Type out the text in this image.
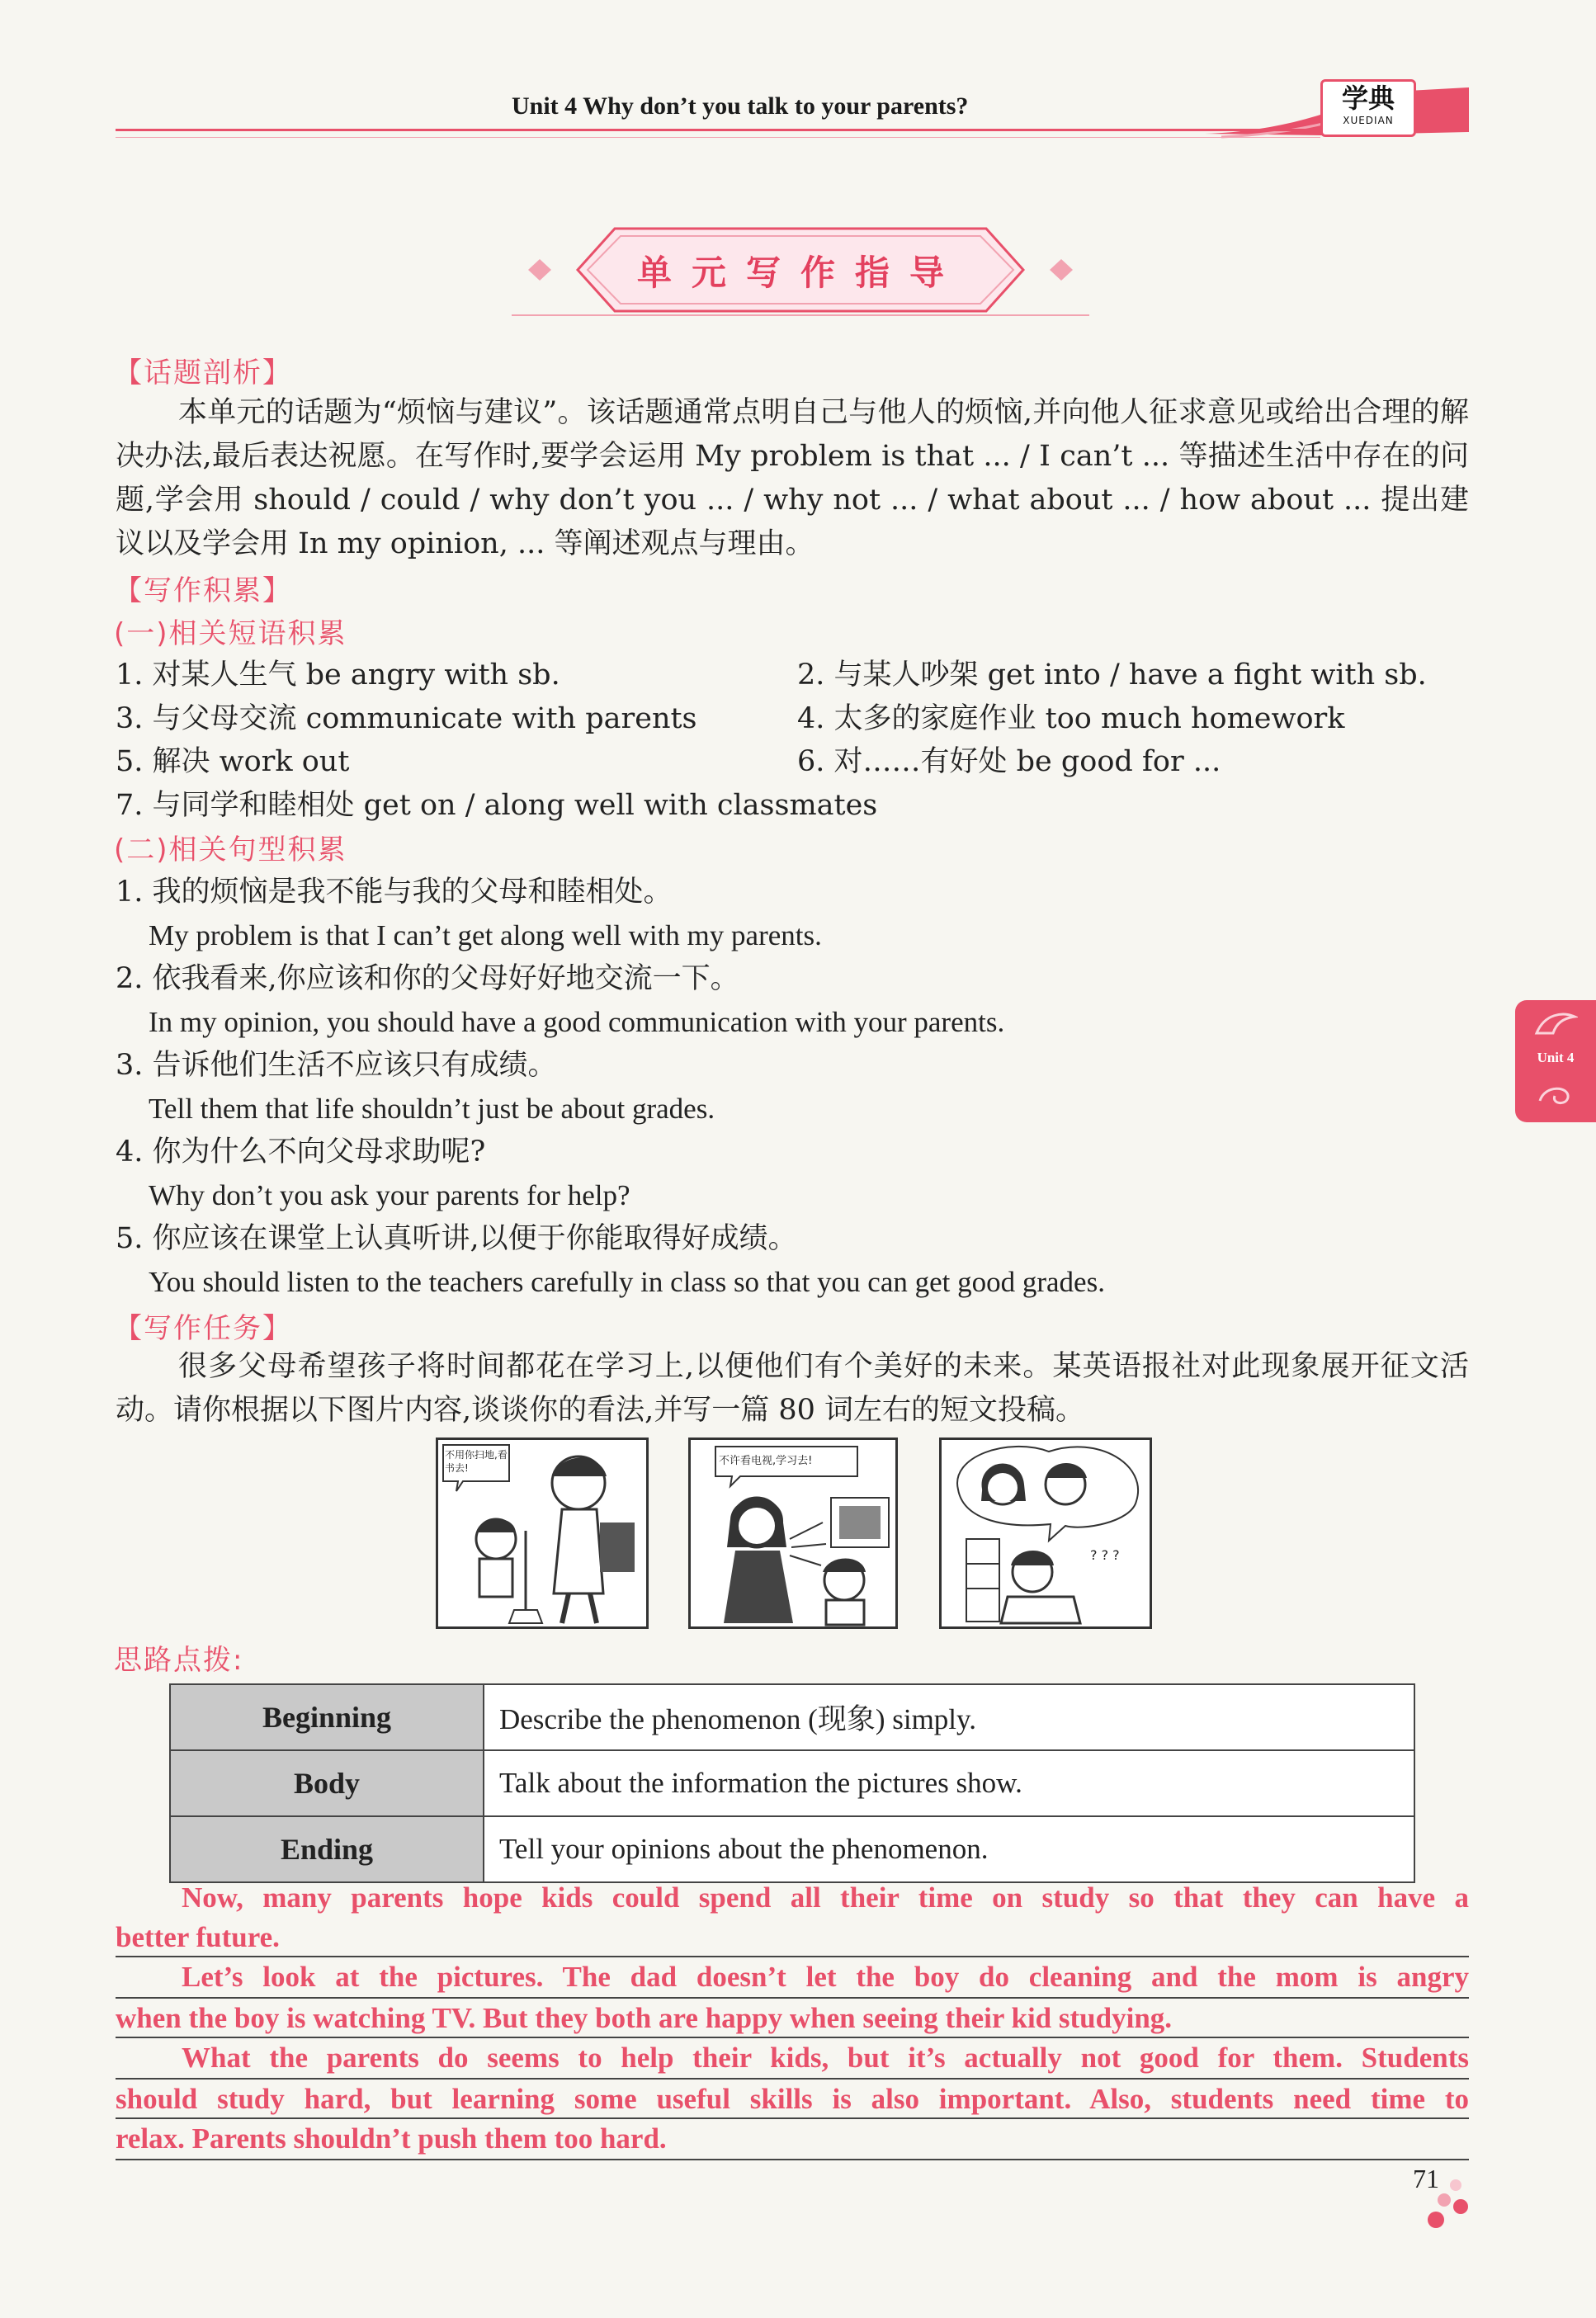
Unit 4 Why don’t you talk to your parents?	学典
XUEDIAN
单元写作指导
【话题剖析】
本单元的话题为“烦恼与建议”。该话题通常点明自己与他人的烦恼,并向他人征求意见或给出合理的解决办法,最后表达祝愿。在写作时,要学会运用 My problem is that ... / I can’t ... 等描述生活中存在的问题,学会用 should / could / why don’t you ... / why not ... / what about ... / how about ... 提出建议以及学会用 In my opinion, ... 等阐述观点与理由。
【写作积累】
(一)相关短语积累
1. 对某人生气 be angry with sb.	2. 与某人吵架 get into / have a fight with sb.
3. 与父母交流 communicate with parents	4. 太多的家庭作业 too much homework
5. 解决 work out	6. 对……有好处 be good for ...
7. 与同学和睦相处 get on / along well with classmates
(二)相关句型积累
1. 我的烦恼是我不能与我的父母和睦相处。
My problem is that I can’t get along well with my parents.
2. 依我看来,你应该和你的父母好好地交流一下。
In my opinion, you should have a good communication with your parents.
3. 告诉他们生活不应该只有成绩。
Tell them that life shouldn’t just be about grades.
4. 你为什么不向父母求助呢?
Why don’t you ask your parents for help?
5. 你应该在课堂上认真听讲,以便于你能取得好成绩。
You should listen to the teachers carefully in class so that you can get good grades.
【写作任务】
很多父母希望孩子将时间都花在学习上,以便他们有个美好的未来。某英语报社对此现象展开征文活动。请你根据以下图片内容,谈谈你的看法,并写一篇 80 词左右的短文投稿。
Unit 4
不用你扫地,看书去!
不许看电视,学习去!
? ? ?
思路点拨:
Beginning	Describe the phenomenon (现象) simply.
Body	Talk about the information the pictures show.
Ending	Tell your opinions about the phenomenon.
Now, many parents hope kids could spend all their time on study so that they can have a
better future.
Let’s look at the pictures. The dad doesn’t let the boy do cleaning and the mom is angry
when the boy is watching TV. But they both are happy when seeing their kid studying.
What the parents do seems to help their kids, but it’s actually not good for them. Students
should study hard, but learning some useful skills is also important. Also, students need time to
relax. Parents shouldn’t push them too hard.
71
